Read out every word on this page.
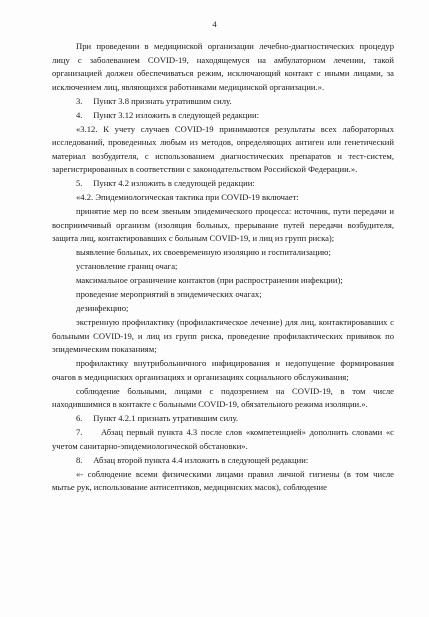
4

При проведении в медицинской организации лечебно-диагностических процедур лицу с заболеванием COVID-19, находящемуся на амбулаторном лечении, такой организацией должен обеспечиваться режим, исключающий контакт с иными лицами, за исключением лиц, являющихся работниками медицинской организации.».

3.     Пункт 3.8 признать утратившим силу.

4.     Пункт 3.12 изложить в следующей редакции:

«3.12. К учету случаев COVID-19 принимаются результаты всех лабораторных исследований, проведенных любым из методов, определяющих антиген или генетический материал возбудителя, с использованием диагностических препаратов и тест-систем, зарегистрированных в соответствии с законодательством Российской Федерации.».

5.     Пункт 4.2 изложить в следующей редакции:

«4.2. Эпидемиологическая тактика при COVID-19 включает:

принятие мер по всем звеньям эпидемического процесса: источник, пути передачи и восприимчивый организм (изоляция больных, прерывание путей передачи возбудителя, защита лиц, контактировавших с больным COVID-19, и лиц из групп риска);

выявление больных, их своевременную изоляцию и госпитализацию;

установление границ очага;

максимальное ограничение контактов (при распространении инфекции);

проведение мероприятий в эпидемических очагах;

дезинфекцию;

экстренную профилактику (профилактическое лечение) для лиц, контактировавших с больными COVID-19, и лиц из групп риска, проведение профилактических прививок по эпидемическим показаниям;

профилактику внутрибольничного инфицирования и недопущение формирования очагов в медицинских организациях и организациях социального обслуживания;

соблюдение больными, лицами с подозрением на COVID-19, в том числе находившимися в контакте с больными COVID-19, обязательного режима изоляции.».

6.     Пункт 4.2.1 признать утратившим силу.

7.     Абзац первый пункта 4.3 после слов «компетенцией» дополнить словами «с учетом санитарно-эпидемиологической обстановки».

8.     Абзац второй пункта 4.4 изложить в следующей редакции:

«- соблюдение всеми физическими лицами правил личной гигиены (в том числе мытье рук, использование антисептиков, медицинских масок), соблюдение
